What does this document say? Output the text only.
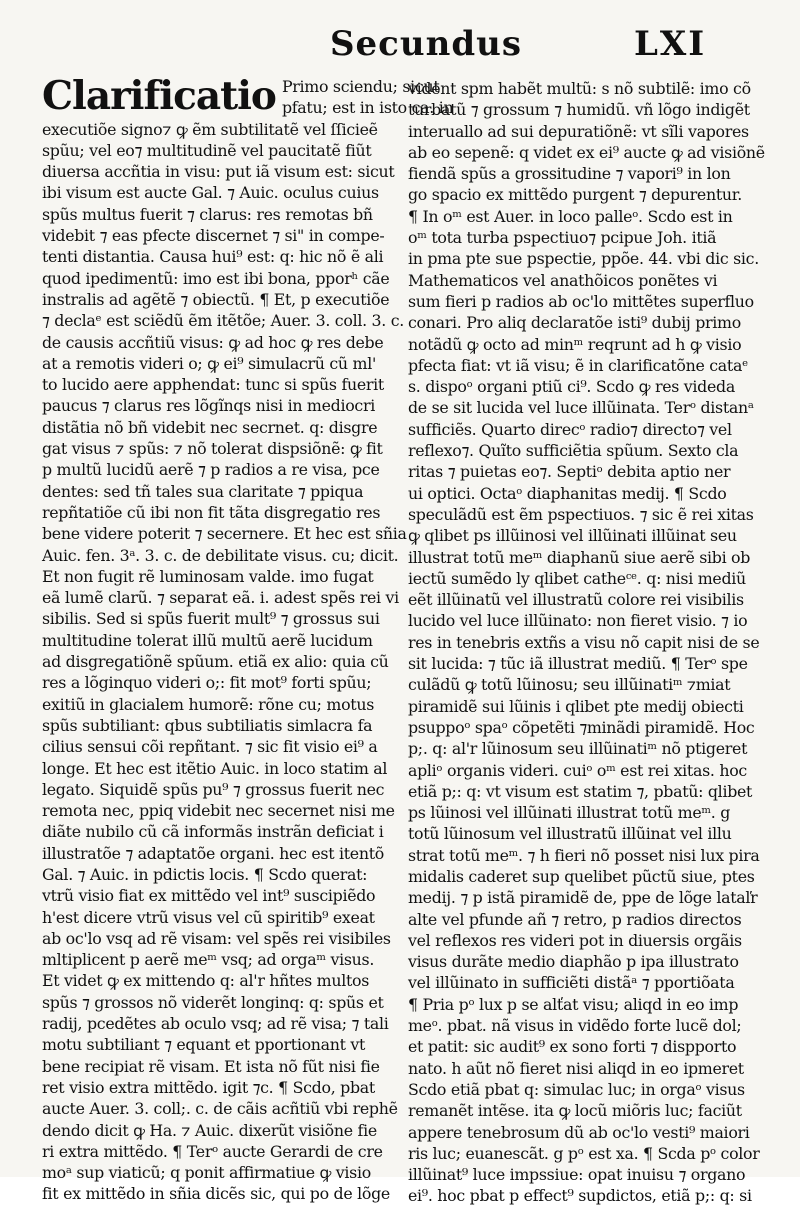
Secundus	LXI
Clarificatio Primo sciendu; sicut
pfatu; est in isto ca. in
executiõe signo⁊ ꝙ ẽm subtilitatẽ vel ſſicieẽ
spũu; vel eo⁊ multitudinẽ vel paucitatẽ fiũt
diuersa accñtia in visu: put iã visum est: sicut
ibi visum est aucte Gal. ⁊ Auic. oculus cuius
spũs multus fuerit ⁊ clarus: res remotas bñ
videbit ⁊ eas pfecte discernet ⁊ si" in compe-
tenti distantia. Causa hui⁹ est: q: hic nõ ẽ ali
quod ipedimentũ: imo est ibi bona, pporʰ cãe
instralis ad agẽtẽ ⁊ obiectũ. ¶ Et, p executiõe
⁊ declaᵉ est sciẽdũ ẽm itẽtõe; Auer. 3. coll. 3. c.
de causis accñtiũ visus: ꝙ ad hoc ꝙ res debe
at a remotis videri o; ꝙ ei⁹ simulacrũ cũ ml'
to lucido aere apphendat: tunc si spũs fuerit
paucus ⁊ clarus res lõgĩnqs nisi in mediocri
distãtia nõ bñ videbit nec secrnet. q: disgre
gat visus ⁊ spũs: ⁊ nõ tolerat dispsiõnẽ: ꝙ fit
p multũ lucidũ aerẽ ⁊ p radios a re visa, pce
dentes: sed tñ tales sua claritate ⁊ ppiqua
repñtatiõe cũ ibi non fit tãta disgregatio res
bene videre poterit ⁊ secernere. Et hec est sñia
Auic. fen. 3ᵃ. 3. c. de debilitate visus. cu; dicit.
Et non fugit rẽ luminosam valde. imo fugat
eã lumẽ clarũ. ⁊ separat eã. i. adest spẽs rei vi
sibilis. Sed si spũs fuerit mult⁹ ⁊ grossus sui
multitudine tolerat illũ multũ aerẽ lucidum
ad disgregatiõnẽ spũum. etiã ex alio: quia cũ
res a lõginquo videri o;: fit mot⁹ forti spũu;
exitiũ in glacialem humorẽ: rõne cu; motus
spũs subtiliant: qbus subtiliatis simlacra fa
cilius sensui cõi repñtant. ⁊ sic fit visio ei⁹ a
longe. Et hec est itẽtio Auic. in loco statim al
legato. Siquidẽ spũs pu⁹ ⁊ grossus fuerit nec
remota nec, ppiq videbit nec secernet nisi me
diãte nubilo cũ cã informãs instrãn deficiat i
illustratõe ⁊ adaptatõe organi. hec est itentõ
Gal. ⁊ Auic. in pdictis locis. ¶ Scdo querat:
vtrũ visio fiat ex mittẽdo vel int⁹ suscipiẽdo
h'est dicere vtrũ visus vel cũ spiritib⁹ exeat
ab oc'lo vsq ad rẽ visam: vel spẽs rei visibiles
mltiplicent p aerẽ meᵐ vsq; ad orgaᵐ visus.
Et videt ꝙ ex mittendo q: al'r hñtes multos
spũs ⁊ grossos nõ viderẽt longinq: q: spũs et
radij, pcedẽtes ab oculo vsq; ad rẽ visa; ⁊ tali
motu subtiliant ⁊ equant et pportionant vt
bene recipiat rẽ visam. Et ista nõ fũt nisi fie
ret visio extra mittẽdo. igit ⁊c. ¶ Scdo, pbat
aucte Auer. 3. coll;. c. de cãis acñtiũ vbi rephẽ
dendo dicit ꝙ Ha. ⁊ Auic. dixerũt visiõne fie
ri extra mittẽdo. ¶ Terᵒ aucte Gerardi de cre
moᵃ sup viaticũ; q ponit affirmatiue ꝙ visio
fit ex mittẽdo in sñia dicẽs sic, qui po de lõge
vident spm habẽt multũ: s nõ subtilẽ: imo cõ
turbatũ ⁊ grossum ⁊ humidũ. vñ lõgo indigẽt
interuallo ad sui depuratiõnẽ: vt sĩli vapores
ab eo sepenẽ: q videt ex ei⁹ aucte ꝙ ad visiõnẽ
fiendã spũs a grossitudine ⁊ vapori⁹ in lon
go spacio ex mittẽdo purgent ⁊ depurentur.
¶ In oᵐ est Auer. in loco palleᵒ. Scdo est in
oᵐ tota turba pspectiuo⁊ pcipue Joh. itiã
in pma pte sue pspectie, ppõe. 44. vbi dic sic.
Mathematicos vel anathõicos ponẽtes vi
sum fieri p radios ab oc'lo mittẽtes superfluo
conari. Pro aliq declaratõe isti⁹ dubij primo
notãdũ ꝙ octo ad minᵐ reqrunt ad h ꝙ visio
pfecta fiat: vt iã visu; ẽ in clarificatõne cataᵉ
s. dispoᵒ organi ptiũ ci⁹. Scdo ꝙ res videda
de se sit lucida vel luce illũinata. Terᵒ distanᵃ
sufficiẽs. Quarto direcᵒ radio⁊ directo⁊ vel
reflexo⁊. Quĩto sufficiẽtia spũum. Sexto cla
ritas ⁊ puietas eo⁊. Septiᵒ debita aptio ner
ui optici. Octaᵒ diaphanitas medij. ¶ Scdo
speculãdũ est ẽm pspectiuos. ⁊ sic ẽ rei xitas
ꝙ qlibet ps illũinosi vel illũinati illũinat seu
illustrat totũ meᵐ diaphanũ siue aerẽ sibi ob
iectũ sumẽdo ly qlibet catheᶜᵉ. q: nisi mediũ
eẽt illũinatũ vel illustratũ colore rei visibilis
lucido vel luce illũinato: non fieret visio. ⁊ io
res in tenebris extñs a visu nõ capit nisi de se
sit lucida: ⁊ tũc iã illustrat mediũ. ¶ Terᵒ spe
culãdũ ꝙ totũ lũinosu; seu illũinatiᵐ ⁊miat
piramidẽ sui lũinis i qlibet pte medij obiecti
psuppoᵒ spaᵒ cõpetẽti ⁊minãdi piramidẽ. Hoc
p;. q: al'r lũinosum seu illũinatiᵐ nõ ptigeret
apliᵒ organis videri. cuiᵒ oᵐ est rei xitas. hoc
etiã p;: q: vt visum est statim ⁊, pbatũ: qlibet
ps lũinosi vel illũinati illustrat totũ meᵐ. g
totũ lũinosum vel illustratũ illũinat vel illu
strat totũ meᵐ. ⁊ h fieri nõ posset nisi lux pira
midalis caderet sup quelibet pũctũ siue, ptes
medij. ⁊ p istã piramidẽ de, ppe de lõge lataľr
alte vel pfunde añ ⁊ retro, p radios directos
vel reflexos res videri pot in diuersis orgãis
visus durãte medio diaphão p ipa illustrato
vel illũinato in sufficiẽti distãᵃ ⁊ pportiõata
¶ Pria pᵒ lux p se alťat visu; aliqd in eo imp
meᵒ. pbat. nã visus in vidẽdo forte lucẽ dol;
et patit: sic audit⁹ ex sono forti ⁊ dispporto
nato. h aũt nõ fieret nisi aliqd in eo ipmeret
Scdo etiã pbat q: simulac luc; in orgaᵒ visus
remanẽt intẽse. ita ꝙ locũ miõris luc; faciũt
appere tenebrosum dũ ab oc'lo vesti⁹ maiori
ris luc; euanescãt. g pᵒ est xa. ¶ Scda pᵒ color
illũinat⁹ luce impssiue: opat inuisu ⁊ organo
ei⁹. hoc pbat p effect⁹ supdictos, etiã p;: q: si
